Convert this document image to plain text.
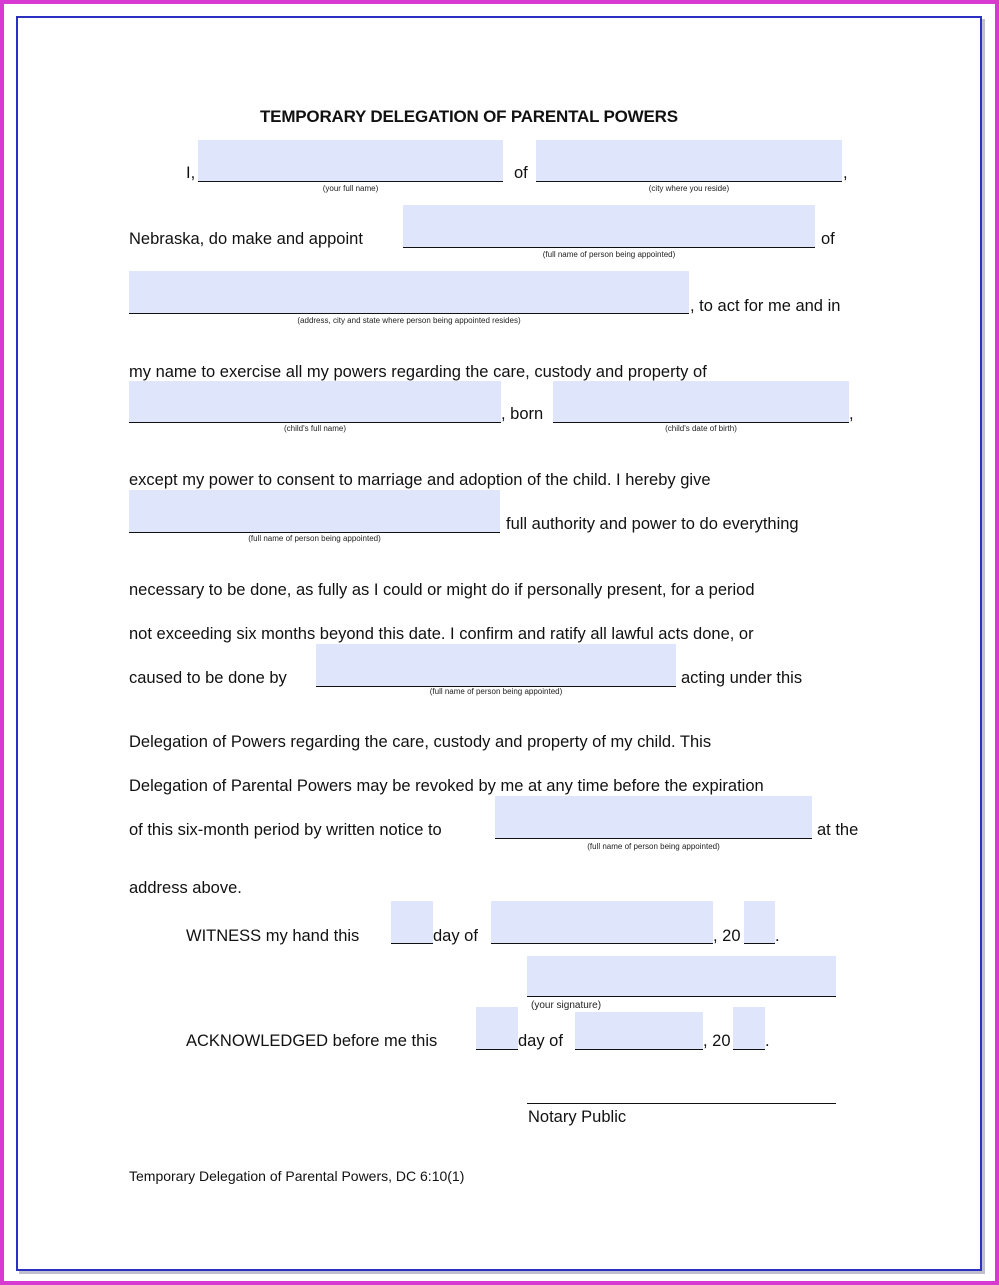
TEMPORARY DELEGATION OF PARENTAL POWERS
I,
(your full name)
of
(city where you reside)
,
Nebraska, do make and appoint
(full name of person being appointed)
of
(address, city and state where person being appointed resides)
, to act for me and in
my name to exercise all my powers regarding the care, custody and property of
(child's full name)
, born
(child's date of birth)
,
except my power to consent to marriage and adoption of the child. I hereby give
(full name of person being appointed)
full authority and power to do everything
necessary to be done, as fully as I could or might do if personally present, for a period
not exceeding six months beyond this date. I confirm and ratify all lawful acts done, or
caused to be done by
(full name of person being appointed)
acting under this
Delegation of Powers regarding the care, custody and property of my child. This
Delegation of Parental Powers may be revoked by me at any time before the expiration
of this six-month period by written notice to
(full name of person being appointed)
at the
address above.
WITNESS my hand this	day of	, 20 .
(your signature)
ACKNOWLEDGED before me this	day of	, 20 .
Notary Public
Temporary Delegation of Parental Powers, DC 6:10(1)
